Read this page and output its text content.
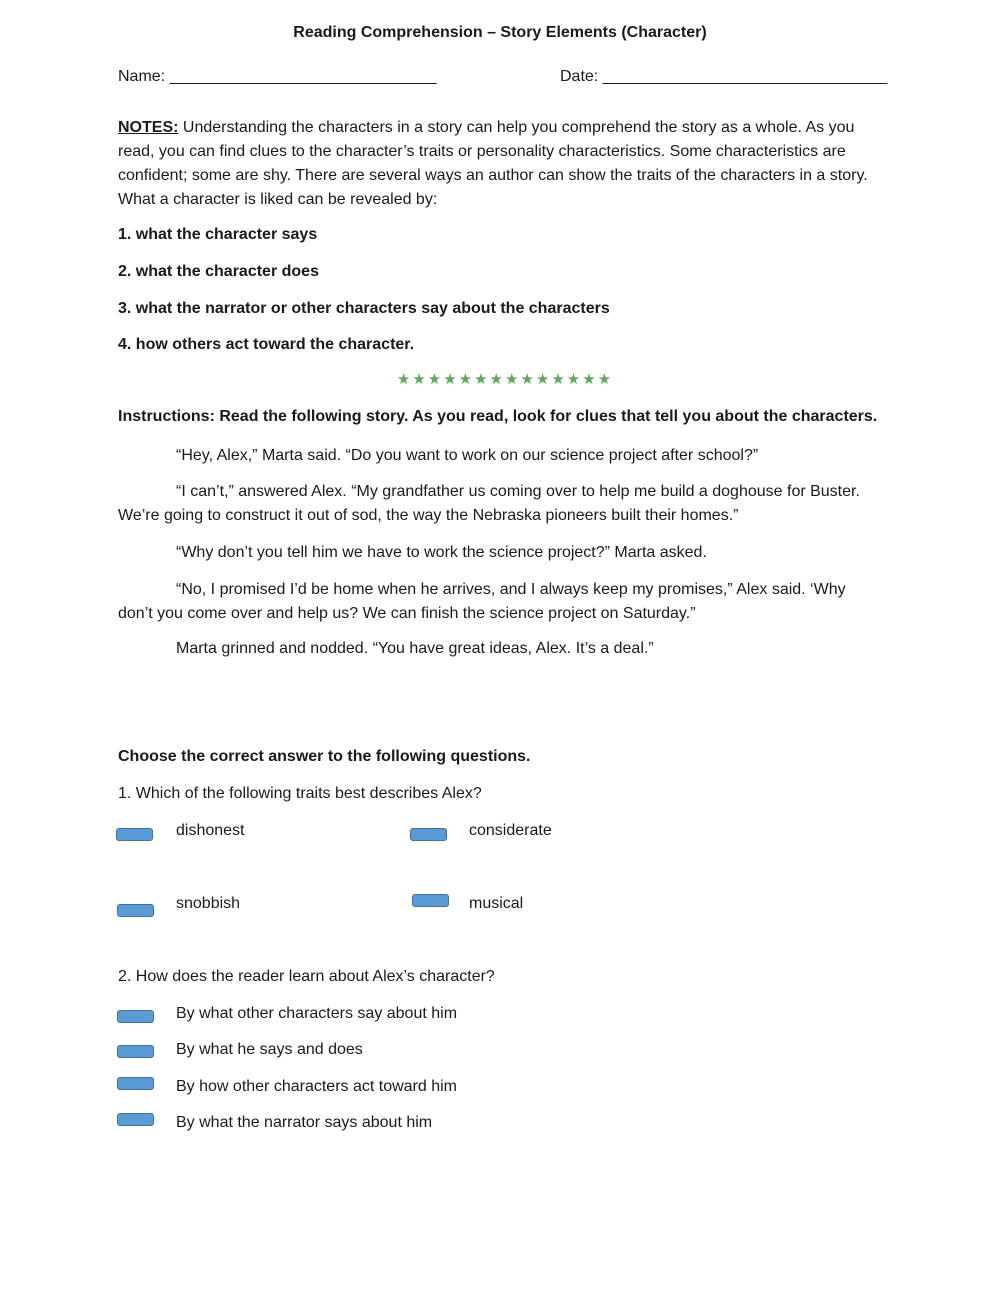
Reading Comprehension – Story Elements (Character)
Name: ______________________________	Date: ________________________________
NOTES: Understanding the characters in a story can help you comprehend the story as a whole. As you read, you can find clues to the character’s traits or personality characteristics. Some characteristics are confident; some are shy. There are several ways an author can show the traits of the characters in a story. What a character is liked can be revealed by:
1. what the character says
2. what the character does
3. what the narrator or other characters say about the characters
4. how others act toward the character.
★★★★★★★★★★★★★★
Instructions: Read the following story. As you read, look for clues that tell you about the characters.
“Hey, Alex,” Marta said. “Do you want to work on our science project after school?”
“I can’t,” answered Alex. “My grandfather us coming over to help me build a doghouse for Buster. We’re going to construct it out of sod, the way the Nebraska pioneers built their homes.”
“Why don’t you tell him we have to work the science project?” Marta asked.
“No, I promised I’d be home when he arrives, and I always keep my promises,” Alex said. ‘Why don’t you come over and help us? We can finish the science project on Saturday.”
Marta grinned and nodded. “You have great ideas, Alex. It’s a deal.”
Choose the correct answer to the following questions.
1. Which of the following traits best describes Alex?
dishonest	considerate
snobbish	musical
2. How does the reader learn about Alex’s character?
By what other characters say about him
By what he says and does
By how other characters act toward him
By what the narrator says about him
